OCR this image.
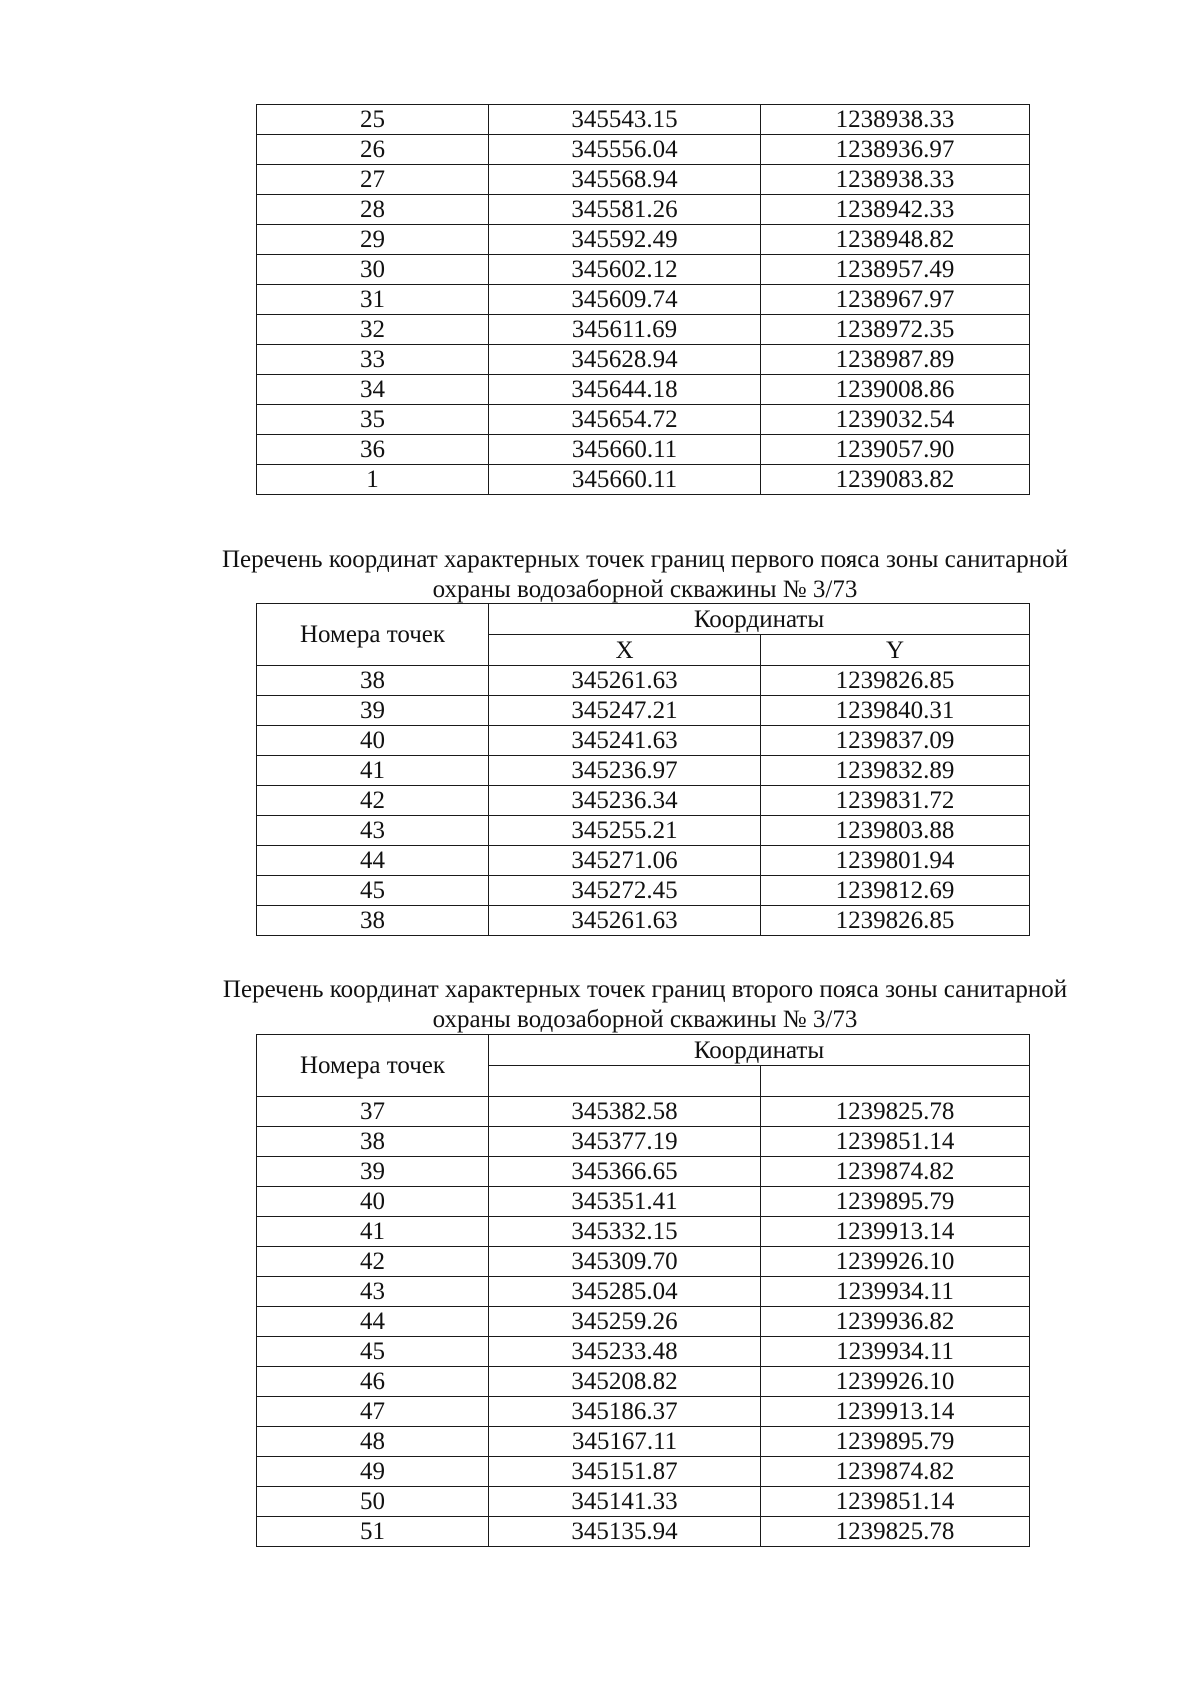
25	345543.15	1238938.33
26	345556.04	1238936.97
27	345568.94	1238938.33
28	345581.26	1238942.33
29	345592.49	1238948.82
30	345602.12	1238957.49
31	345609.74	1238967.97
32	345611.69	1238972.35
33	345628.94	1238987.89
34	345644.18	1239008.86
35	345654.72	1239032.54
36	345660.11	1239057.90
1	345660.11	1239083.82
Перечень координат характерных точек границ первого пояса зоны санитарной
охраны водозаборной скважины № 3/73
Номера точек	Координаты	
	X	Y
38	345261.63	1239826.85
39	345247.21	1239840.31
40	345241.63	1239837.09
41	345236.97	1239832.89
42	345236.34	1239831.72
43	345255.21	1239803.88
44	345271.06	1239801.94
45	345272.45	1239812.69
38	345261.63	1239826.85
Перечень координат характерных точек границ второго пояса зоны санитарной
охраны водозаборной скважины № 3/73
Номера точек	Координаты	

37	345382.58	1239825.78
38	345377.19	1239851.14
39	345366.65	1239874.82
40	345351.41	1239895.79
41	345332.15	1239913.14
42	345309.70	1239926.10
43	345285.04	1239934.11
44	345259.26	1239936.82
45	345233.48	1239934.11
46	345208.82	1239926.10
47	345186.37	1239913.14
48	345167.11	1239895.79
49	345151.87	1239874.82
50	345141.33	1239851.14
51	345135.94	1239825.78
